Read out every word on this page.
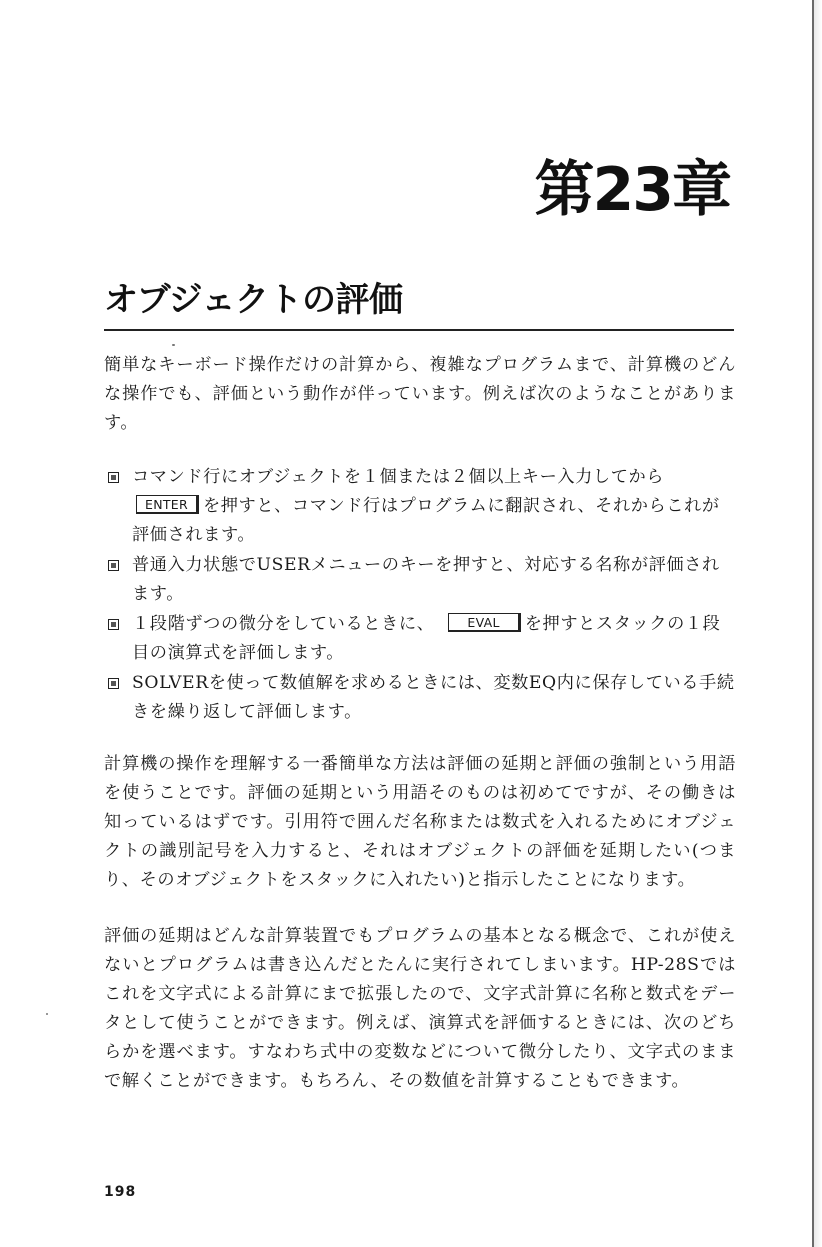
第23章
オブジェクトの評価

簡単なキーボード操作だけの計算から、複雑なプログラムまで、計算機のどんな操作でも、評価という動作が伴っています。例えば次のようなことがあります。

コマンド行にオブジェクトを１個または２個以上キー入力してから
ENTER を押すと、コマンド行はプログラムに翻訳され、それからこれが評価されます。
普通入力状態でUSERメニューのキーを押すと、対応する名称が評価されます。
１段階ずつの微分をしているときに、	EVAL を押すとスタックの１段目の演算式を評価します。
SOLVERを使って数値解を求めるときには、変数EQ内に保存している手続きを繰り返して評価します。

計算機の操作を理解する一番簡単な方法は評価の延期と評価の強制という用語を使うことです。評価の延期という用語そのものは初めてですが、その働きは知っているはずです。引用符で囲んだ名称または数式を入れるためにオブジェクトの識別記号を入力すると、それはオブジェクトの評価を延期したい(つまり、そのオブジェクトをスタックに入れたい)と指示したことになります。

評価の延期はどんな計算装置でもプログラムの基本となる概念で、これが使えないとプログラムは書き込んだとたんに実行されてしまいます。HP-28Sではこれを文字式による計算にまで拡張したので、文字式計算に名称と数式をデータとして使うことができます。例えば、演算式を評価するときには、次のどちらかを選べます。すなわち式中の変数などについて微分したり、文字式のままで解くことができます。もちろん、その数値を計算することもできます。

198
